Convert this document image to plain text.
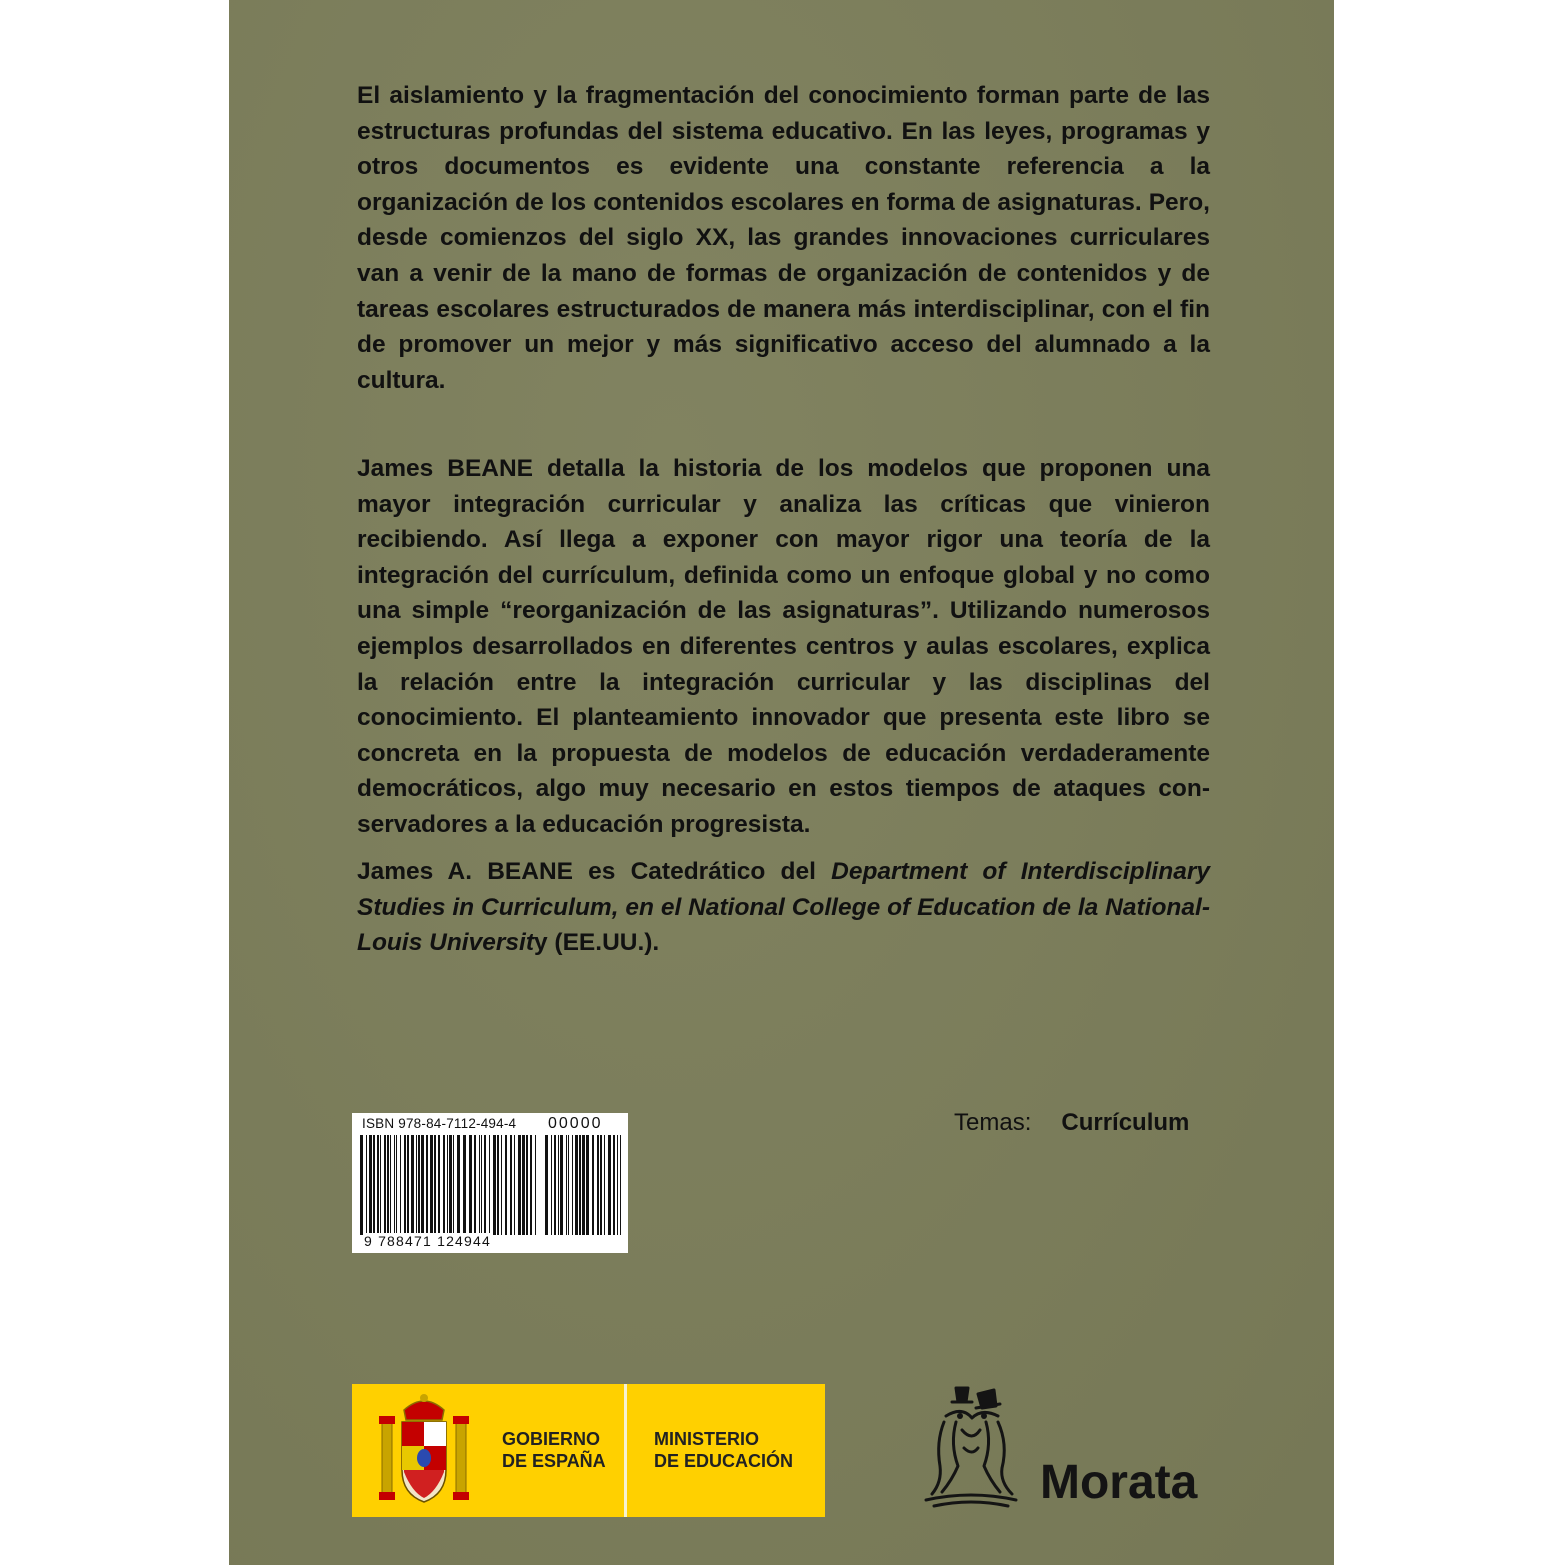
El aislamiento y la fragmentación del conocimiento forman parte de las estructuras profundas del sistema educativo. En las leyes, programas y otros documentos es evidente una constante referencia a la organización de los contenidos escolares en forma de asignaturas. Pero, desde comienzos del siglo XX, las grandes innovaciones curriculares van a venir de la mano de formas de organización de contenidos y de tareas escolares estructurados de manera más interdisciplinar, con el fin de promover un mejor y más significativo acceso del alumnado a la cultura.

James BEANE detalla la historia de los modelos que proponen una mayor integración curricular y analiza las críticas que vinieron recibiendo. Así llega a exponer con mayor rigor una teoría de la integración del currículum, definida como un enfoque global y no como una simple “reorganización de las asignaturas”. Utilizando numerosos ejemplos desarrollados en diferentes centros y aulas escolares, explica la relación entre la integración curricular y las disciplinas del conocimiento. El planteamiento innovador que presenta este libro se concreta en la propuesta de modelos de educación verdaderamente democráticos, algo muy necesario en estos tiempos de ataques conservadores a la educación progresista.

James A. BEANE es Catedrático del Department of Interdisciplinary Studies in Curriculum, en el National College of Education de la National-Louis University (EE.UU.).

ISBN 978-84-7112-494-4 00000
9 788471 124944
Temas: Currículum
GOBIERNO
DE ESPAÑA
MINISTERIO
DE EDUCACIÓN	Morata
